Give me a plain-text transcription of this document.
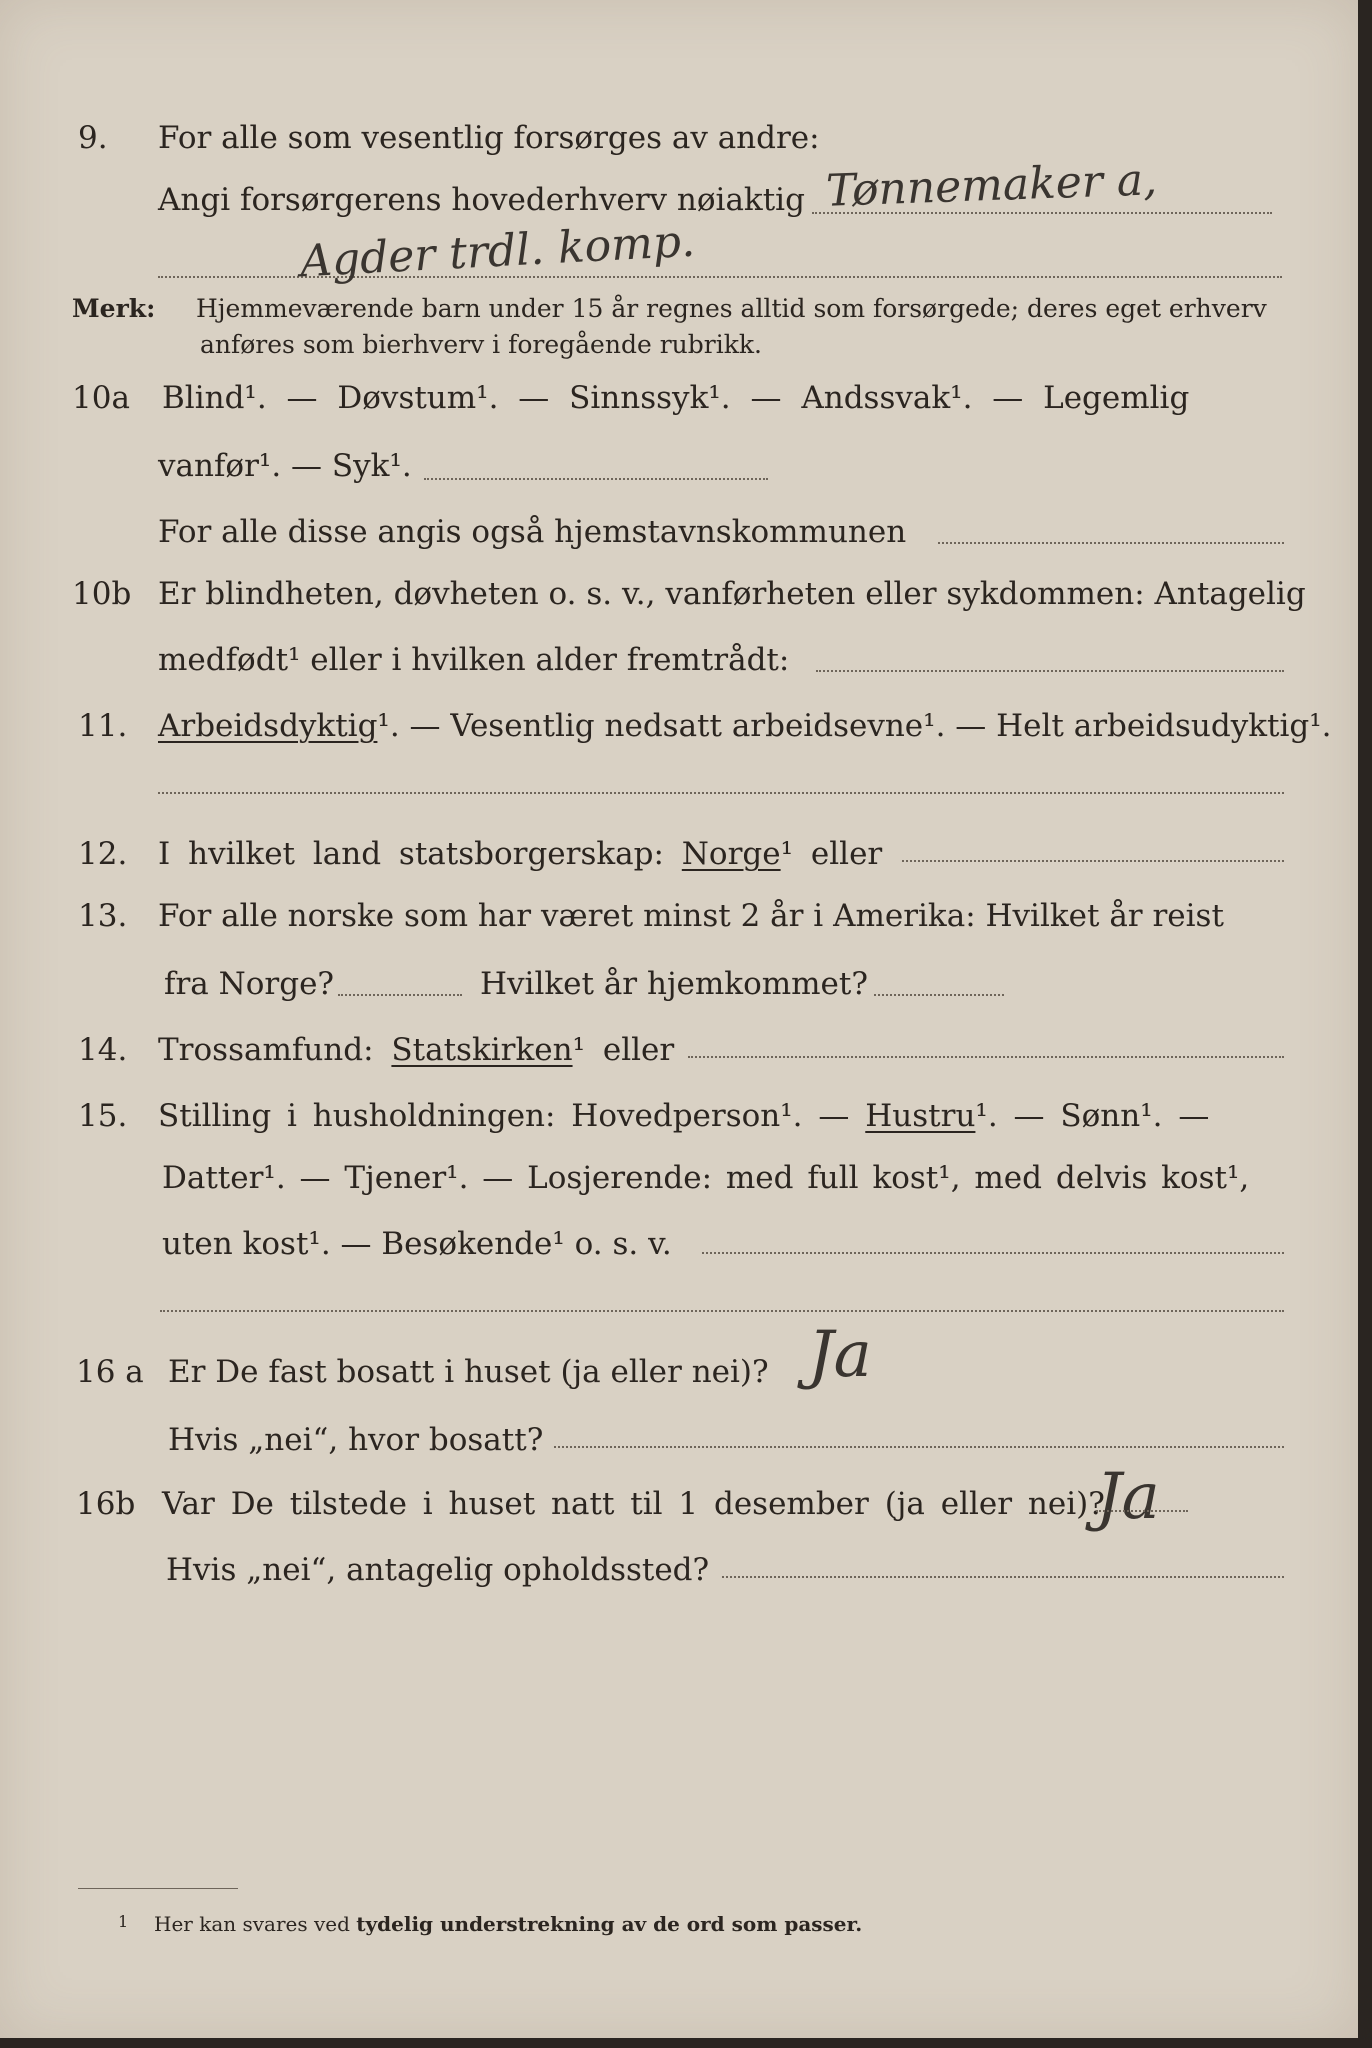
9. For alle som vesentlig forsørges av andre:
Angi forsørgerens hovederhverv nøiaktig Tønnemaker a,
Agder trdl. komp.
Merk: Hjemmeværende barn under 15 år regnes alltid som forsørgede; deres eget erhverv
anføres som bierhverv i foregående rubrikk.
10a Blind¹. — Døvstum¹. — Sinnssyk¹. — Andssvak¹. — Legemlig
vanfør¹. — Syk¹.
For alle disse angis også hjemstavnskommunen
10b Er blindheten, døvheten o. s. v., vanførheten eller sykdommen: Antagelig
medfødt¹ eller i hvilken alder fremtrådt:
11. Arbeidsdyktig¹. — Vesentlig nedsatt arbeidsevne¹. — Helt arbeidsudyktig¹.
12. I hvilket land statsborgerskap: Norge¹ eller
13. For alle norske som har været minst 2 år i Amerika: Hvilket år reist
fra Norge?	Hvilket år hjemkommet?
14. Trossamfund: Statskirken¹ eller
15. Stilling i husholdningen: Hovedperson¹. — Hustru¹. — Sønn¹. —
Datter¹. — Tjener¹. — Losjerende: med full kost¹, med delvis kost¹,
uten kost¹. — Besøkende¹ o. s. v.
16 a Er De fast bosatt i huset (ja eller nei)? Ja
Hvis „nei“, hvor bosatt?
16b Var De tilstede i huset natt til 1 desember (ja eller nei)?
Ja
Hvis „nei“, antagelig opholdssted?
1 Her kan svares ved tydelig understrekning av de ord som passer.
